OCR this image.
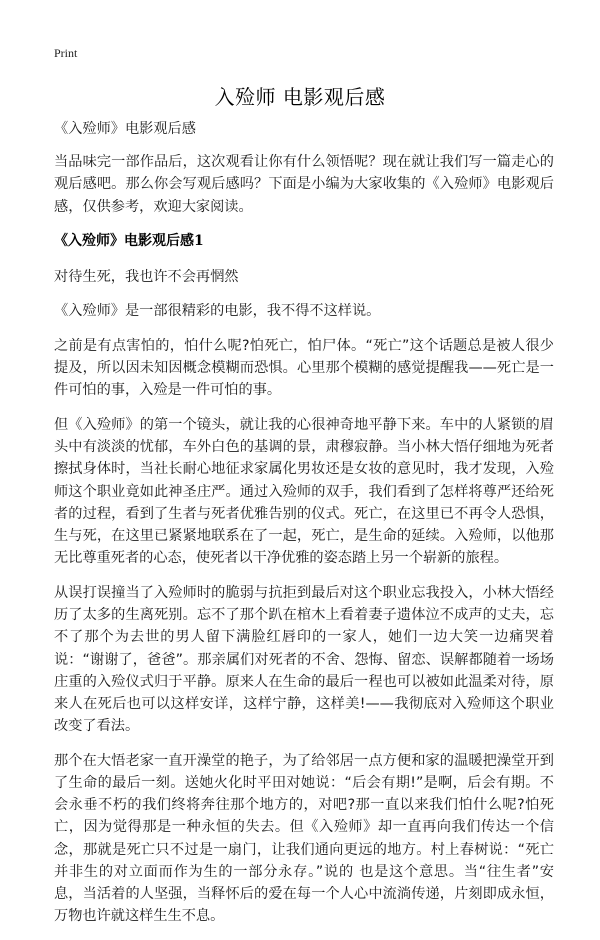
Print
入殓师 电影观后感

《入殓师》电影观后感

当品味完一部作品后，这次观看让你有什么领悟呢？现在就让我们写一篇走心的观后感吧。那么你会写观后感吗？下面是小编为大家收集的《入殓师》电影观后感，仅供参考，欢迎大家阅读。

《入殓师》电影观后感1

对待生死，我也许不会再惘然

《入殓师》是一部很精彩的电影，我不得不这样说。

之前是有点害怕的，怕什么呢?怕死亡，怕尸体。“死亡”这个话题总是被人很少提及，所以因未知因概念模糊而恐惧。心里那个模糊的感觉提醒我——死亡是一件可怕的事，入殓是一件可怕的事。

但《入殓师》的第一个镜头，就让我的心很神奇地平静下来。车中的人紧锁的眉头中有淡淡的忧郁，车外白色的基调的景，肃穆寂静。当小林大悟仔细地为死者擦拭身体时，当社长耐心地征求家属化男妆还是女妆的意见时，我才发现，入殓师这个职业竟如此神圣庄严。通过入殓师的双手，我们看到了怎样将尊严还给死者的过程，看到了生者与死者优雅告别的仪式。死亡，在这里已不再令人恐惧，生与死，在这里已紧紧地联系在了一起，死亡，是生命的延续。入殓师，以他那无比尊重死者的心态，使死者以干净优雅的姿态踏上另一个崭新的旅程。

从误打误撞当了入殓师时的脆弱与抗拒到最后对这个职业忘我投入，小林大悟经历了太多的生离死别。忘不了那个趴在棺木上看着妻子遗体泣不成声的丈夫，忘不了那个为去世的男人留下满脸红唇印的一家人，她们一边大笑一边痛哭着说：“谢谢了，爸爸”。那亲属们对死者的不舍、怨悔、留恋、误解都随着一场场庄重的入殓仪式归于平静。原来人在生命的最后一程也可以被如此温柔对待，原来人在死后也可以这样安详，这样宁静，这样美!——我彻底对入殓师这个职业改变了看法。

那个在大悟老家一直开澡堂的艳子，为了给邻居一点方便和家的温暖把澡堂开到了生命的最后一刻。送她火化时平田对她说：“后会有期!”是啊，后会有期。不会永垂不朽的我们终将奔往那个地方的，对吧?那一直以来我们怕什么呢?怕死亡，因为觉得那是一种永恒的失去。但《入殓师》却一直再向我们传达一个信念，那就是死亡只不过是一扇门，让我们通向更远的地方。村上春树说：“死亡并非生的对立面而作为生的一部分永存。”说的 也是这个意思。当“往生者”安息，当活着的人坚强，当释怀后的爱在每一个人心中流淌传递，片刻即成永恒，万物也许就这样生生不息。
